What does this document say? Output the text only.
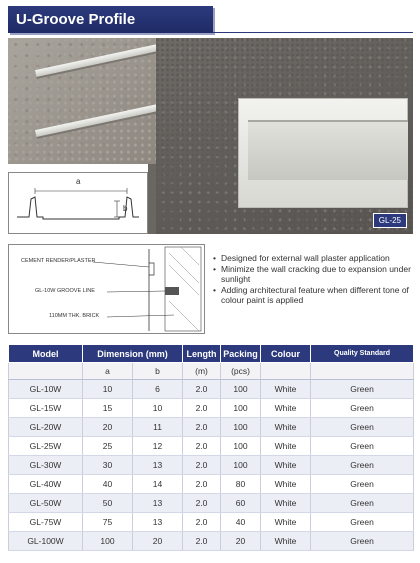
U-Groove Profile
GL-25
a
b
CEMENT RENDER/PLASTER
GL-10W GROOVE LINE
110MM THK. BRICK
• Designed for external wall plaster application
• Minimize the wall cracking due to expansion under sunlight
• Adding architectural feature when different tone of colour paint is applied
Model	Dimension (mm)		Length	Packing	Colour	Quality Standard
	a	b	(m)	(pcs)		
GL-10W	10	6	2.0	100	White	Green
GL-15W	15	10	2.0	100	White	Green
GL-20W	20	11	2.0	100	White	Green
GL-25W	25	12	2.0	100	White	Green
GL-30W	30	13	2.0	100	White	Green
GL-40W	40	14	2.0	80	White	Green
GL-50W	50	13	2.0	60	White	Green
GL-75W	75	13	2.0	40	White	Green
GL-100W	100	20	2.0	20	White	Green
